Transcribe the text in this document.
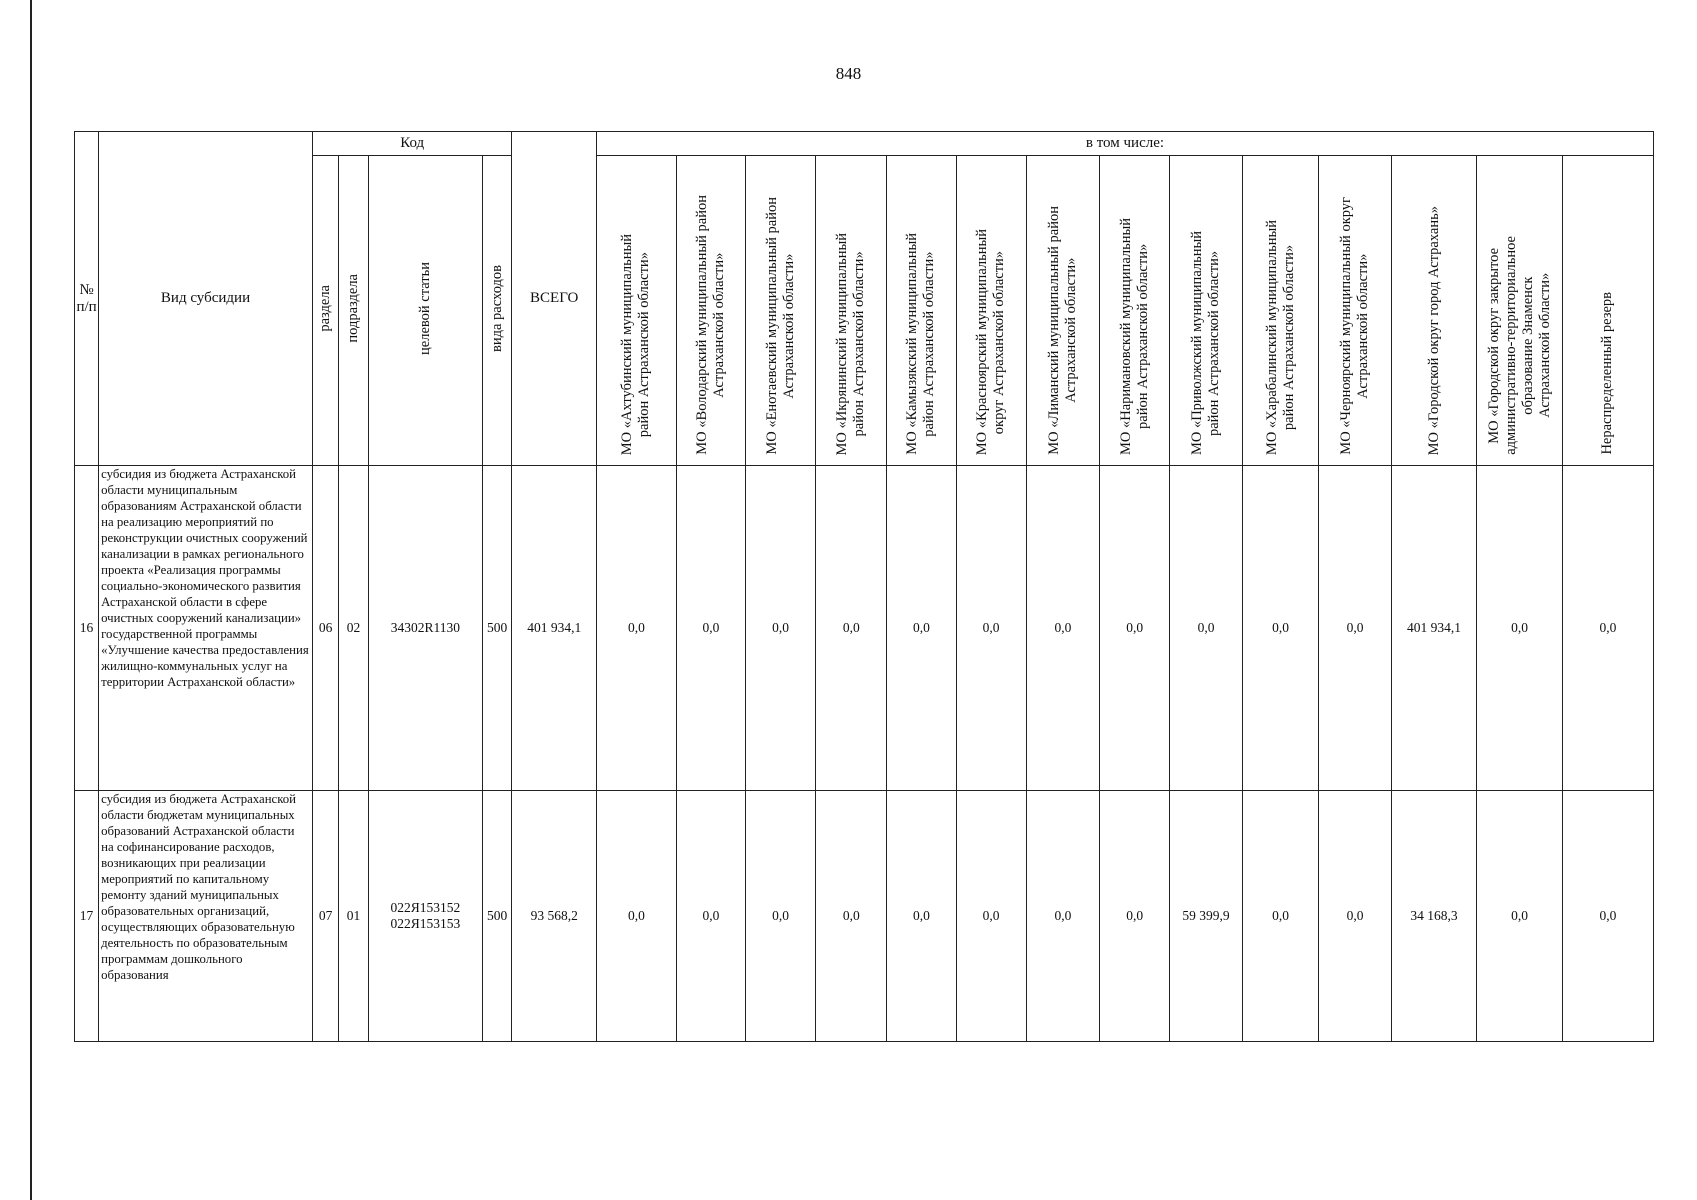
848
№ п/п	Вид субсидии	Код				ВСЕГО	в том числе:													
		раздела	подраздела	целевой статьи	вида расходов		МО «Ахтубинский муниципальный
район Астраханской области»	МО «Володарский муниципальный район
Астраханской области»	МО «Енотаевский муниципальный район
Астраханской области»	МО «Икрянинский муниципальный
район Астраханской области»	МО «Камызякский муниципальный
район Астраханской области»	МО «Красноярский муниципальный
округ Астраханской области»	МО «Лиманский муниципальный район
Астраханской области»	МО «Наримановский муниципальный
район Астраханской области»	МО «Приволжский муниципальный
район Астраханской области»	МО «Харабалинский муниципальный
район Астраханской области»	МО «Черноярский муниципальный округ
Астраханской области»	МО «Городской округ город Астрахань»	МО «Городской округ закрытое
административно-территориальное
образование Знаменск
Астраханской области»	Нераспределенный резерв
16	субсидия из бюджета Астраханской области муниципальным образованиям Астраханской области на реализацию мероприятий по реконструкции очистных сооружений канализации в рамках регионального проекта «Реализация программы социально-экономического развития Астраханской области в сфере очистных сооружений канализации» государственной программы «Улучшение качества предоставления жилищно-коммунальных услуг на территории Астраханской области»	06	02	34302R1130	500	401 934,1	0,0	0,0	0,0	0,0	0,0	0,0	0,0	0,0	0,0	0,0	0,0	401 934,1	0,0	0,0
17	субсидия из бюджета Астраханской области бюджетам муниципальных образований Астраханской области на софинансирование расходов, возникающих при реализации мероприятий по капитальному ремонту зданий муниципальных образовательных организаций, осуществляющих образовательную деятельность по образовательным программам дошкольного образования	07	01	022Я153152
022Я153153	500	93 568,2	0,0	0,0	0,0	0,0	0,0	0,0	0,0	0,0	59 399,9	0,0	0,0	34 168,3	0,0	0,0
